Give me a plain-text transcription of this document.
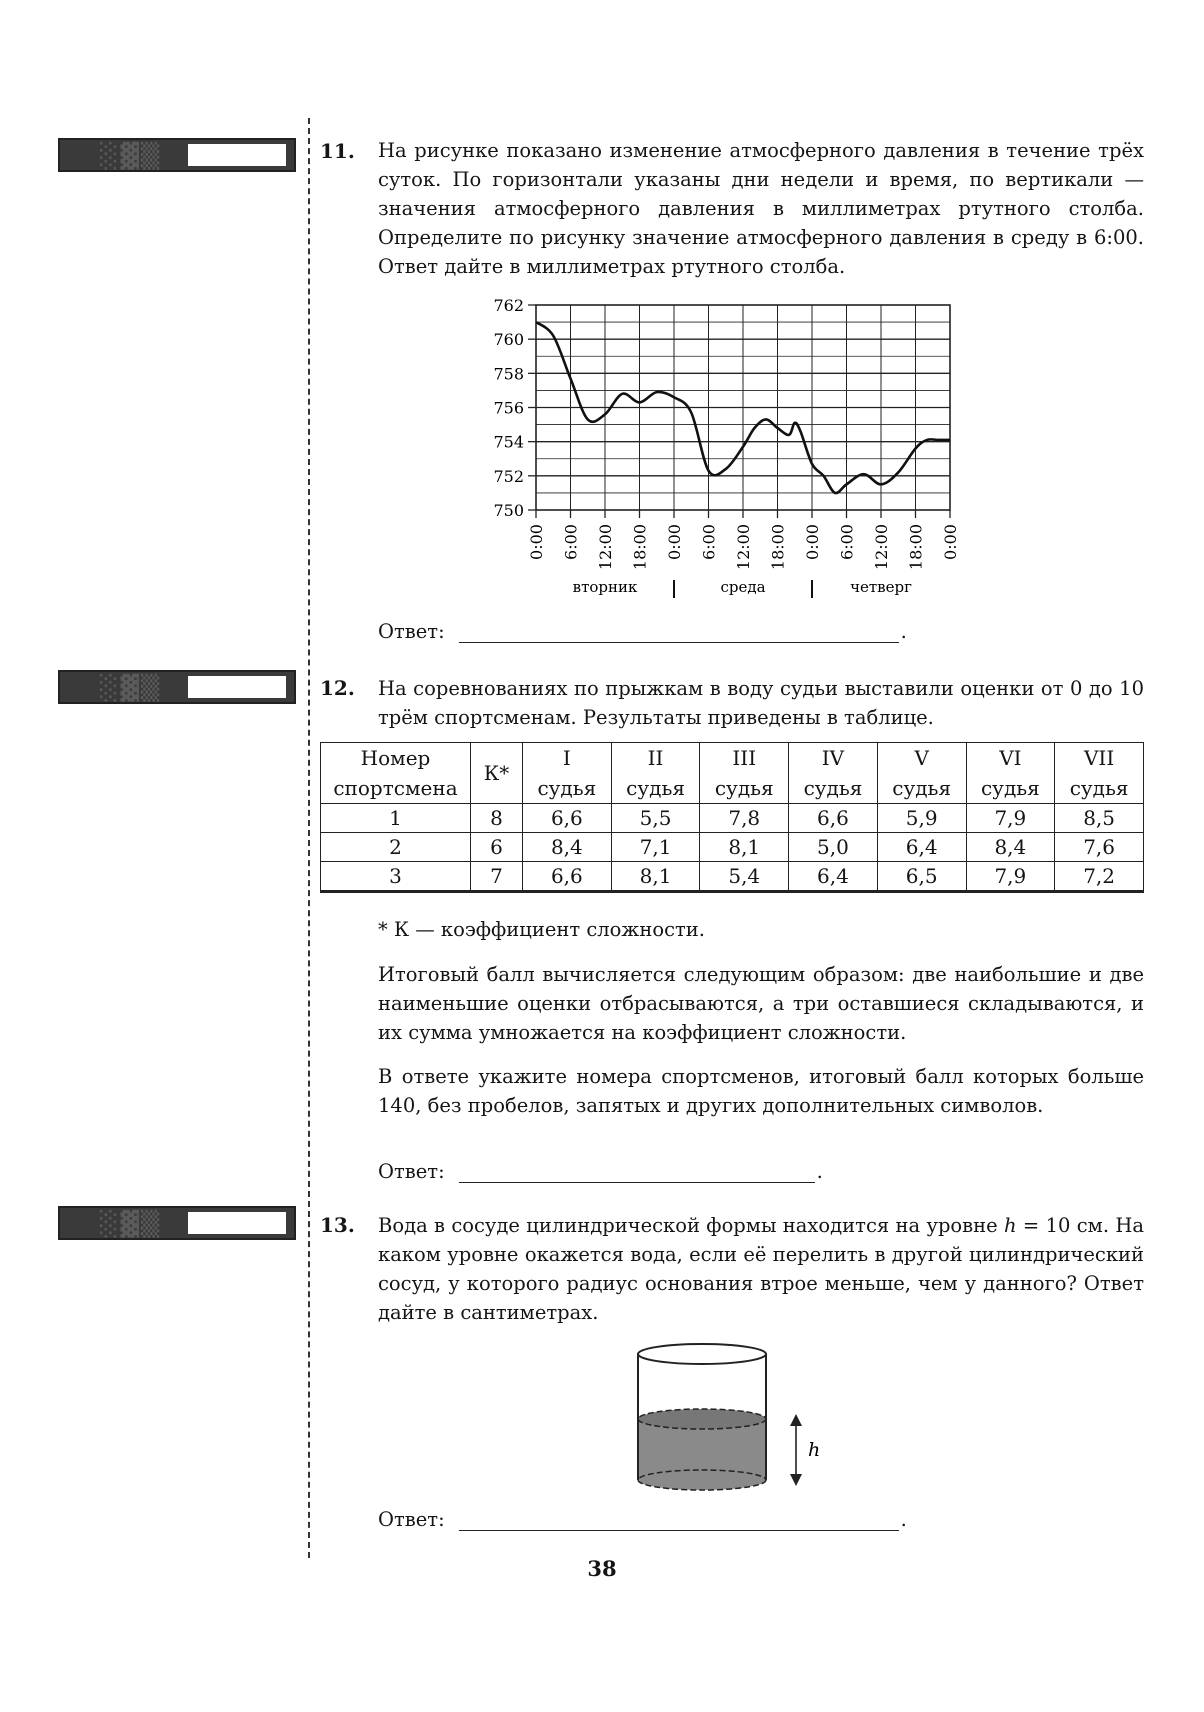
░▓▒	11. На рисунке показано изменение атмосферного давления в течение трёх суток. По горизонтали указаны дни недели и время, по вертикали — значения атмосферного давления в миллиметрах ртутного столба. Определите по рисунку значение атмосферного давления в среду в 6:00. Ответ дайте в миллиметрах ртутного столба.
762
760
758
756
754
752
750
0:00 6:00 12:00 18:00 0:00 6:00 12:00 18:00 0:00 6:00 12:00 18:00 0:00
вторник	среда	четверг
Ответ:	.
░▓▒	12. На соревнованиях по прыжкам в воду судьи выставили оценки от 0 до 10 трём спортсменам. Результаты приведены в таблице.
Номер
спортсмена	К*	I	II	III	IV	V	VI	VII
		судья	судья	судья	судья	судья	судья	судья
1	8	6,6	5,5	7,8	6,6	5,9	7,9	8,5
2	6	8,4	7,1	8,1	5,0	6,4	8,4	7,6
3	7	6,6	8,1	5,4	6,4	6,5	7,9	7,2
* К — коэффициент сложности.
Итоговый балл вычисляется следующим образом: две наибольшие и две наименьшие оценки отбрасываются, а три оставшиеся складываются, и их сумма умножается на коэффициент сложности.
В ответе укажите номера спортсменов, итоговый балл которых больше 140, без пробелов, запятых и других дополнительных символов.
Ответ:	.
░▓▒	13. Вода в сосуде цилиндрической формы находится на уровне h = 10 см. На каком уровне окажется вода, если её перелить в другой цилиндрический сосуд, у которого радиус основания втрое меньше, чем у данного? Ответ дайте в сантиметрах.
h
Ответ:	.
38
